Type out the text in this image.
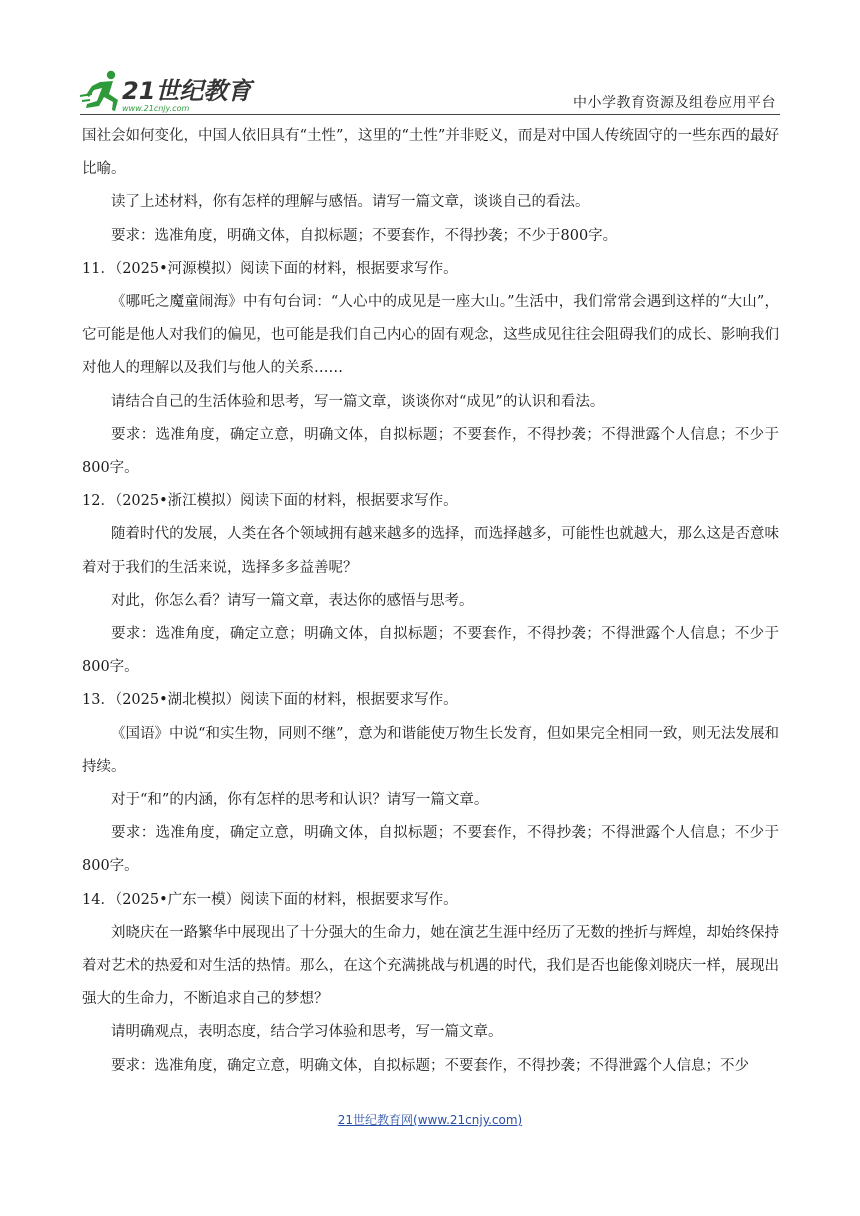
21世纪教育
www.21cnjy.com	中小学教育资源及组卷应用平台

国社会如何变化，中国人依旧具有“土性”，这里的“土性”并非贬义，而是对中国人传统固守的一些东西的最好比喻。

读了上述材料，你有怎样的理解与感悟。请写一篇文章，谈谈自己的看法。

要求：选准角度，明确文体，自拟标题；不要套作，不得抄袭；不少于800字。

11．（2025•河源模拟）阅读下面的材料，根据要求写作。

《哪吒之魔童闹海》中有句台词：“人心中的成见是一座大山。”生活中，我们常常会遇到这样的“大山”，它可能是他人对我们的偏见，也可能是我们自己内心的固有观念，这些成见往往会阻碍我们的成长、影响我们对他人的理解以及我们与他人的关系……

请结合自己的生活体验和思考，写一篇文章，谈谈你对“成见”的认识和看法。

要求：选准角度，确定立意，明确文体，自拟标题；不要套作，不得抄袭；不得泄露个人信息；不少于800字。

12．（2025•浙江模拟）阅读下面的材料，根据要求写作。

随着时代的发展，人类在各个领域拥有越来越多的选择，而选择越多，可能性也就越大，那么这是否意味着对于我们的生活来说，选择多多益善呢？

对此，你怎么看？请写一篇文章，表达你的感悟与思考。

要求：选准角度，确定立意；明确文体，自拟标题；不要套作，不得抄袭；不得泄露个人信息；不少于800字。

13．（2025•湖北模拟）阅读下面的材料，根据要求写作。

《国语》中说“和实生物，同则不继”，意为和谐能使万物生长发育，但如果完全相同一致，则无法发展和持续。

对于“和”的内涵，你有怎样的思考和认识？请写一篇文章。

要求：选准角度，确定立意，明确文体，自拟标题；不要套作，不得抄袭；不得泄露个人信息；不少于800字。

14．（2025•广东一模）阅读下面的材料，根据要求写作。

刘晓庆在一路繁华中展现出了十分强大的生命力，她在演艺生涯中经历了无数的挫折与辉煌，却始终保持着对艺术的热爱和对生活的热情。那么，在这个充满挑战与机遇的时代，我们是否也能像刘晓庆一样，展现出强大的生命力，不断追求自己的梦想？

请明确观点，表明态度，结合学习体验和思考，写一篇文章。

要求：选准角度，确定立意，明确文体，自拟标题；不要套作，不得抄袭；不得泄露个人信息；不少

21世纪教育网(www.21cnjy.com)
